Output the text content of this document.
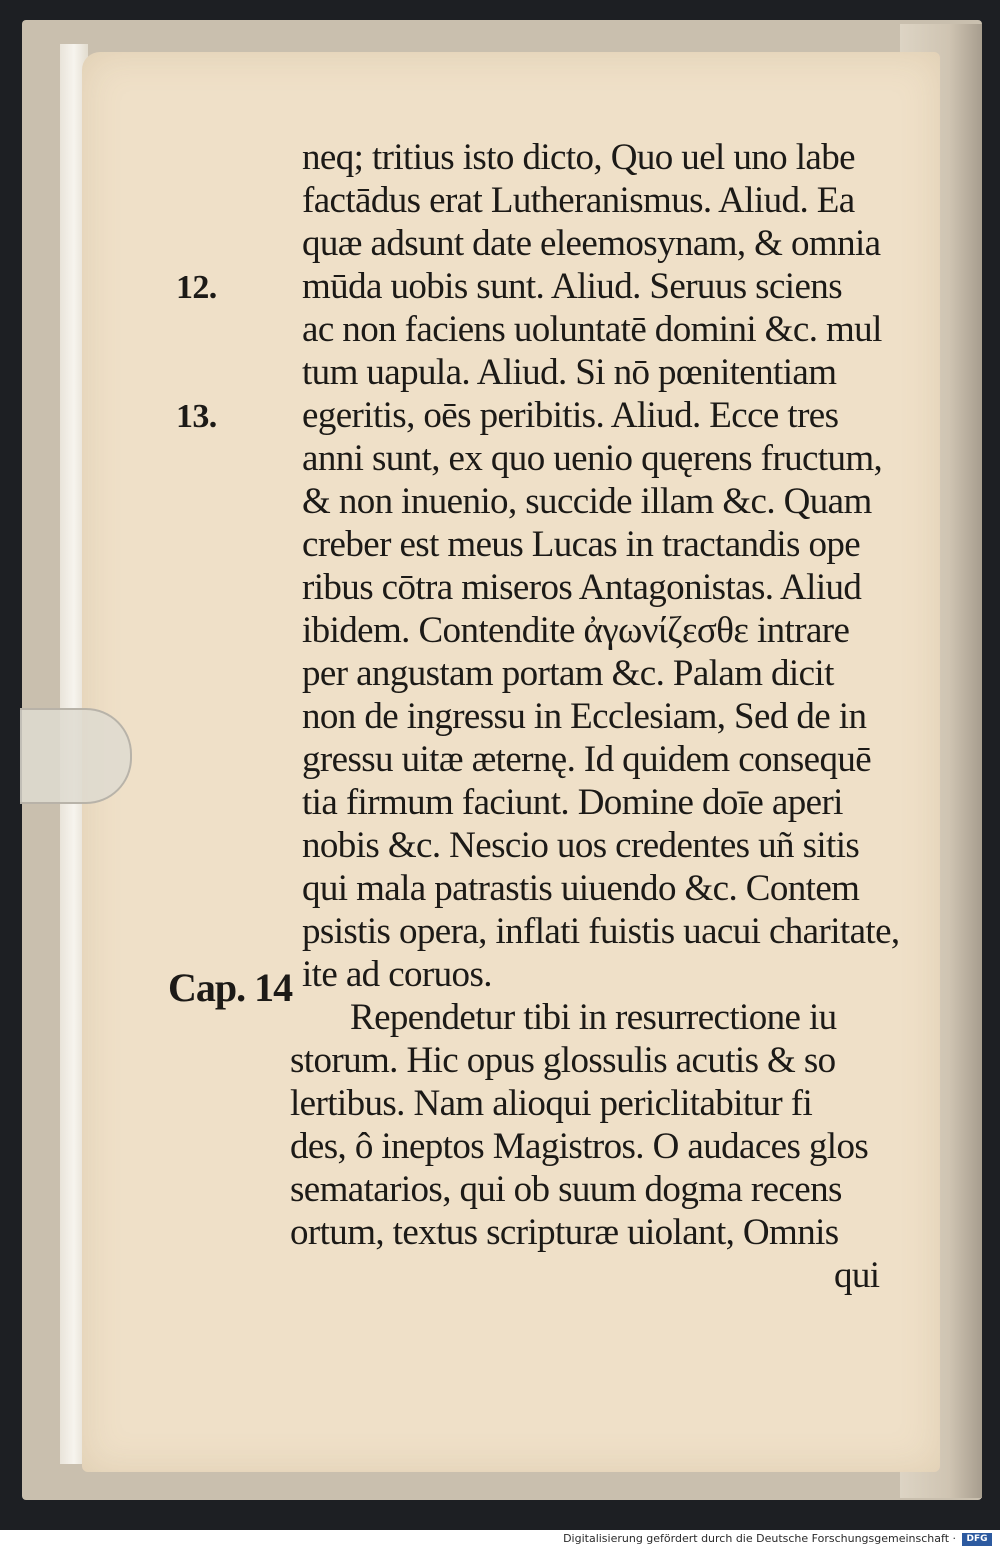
neq; tritius isto dicto, Quo uel uno labe
factādus erat Lutheranismus. Aliud. Ea
quæ adsunt date eleemosynam, & omnia
mūda uobis sunt. Aliud. Seruus sciens
ac non faciens uoluntatē domini &c. mul
tum uapula. Aliud. Si nō pœnitentiam
egeritis, oēs peribitis. Aliud. Ecce tres
anni sunt, ex quo uenio quęrens fructum,
& non inuenio, succide illam &c. Quam
creber est meus Lucas in tractandis ope
ribus cōtra miseros Antagonistas. Aliud
ibidem. Contendite ἀγωνίζεσθε intrare
per angustam portam &c. Palam dicit
non de ingressu in Ecclesiam, Sed de in
gressu uitæ æternę. Id quidem consequē
tia firmum faciunt. Domine doīe aperi
nobis &c. Nescio uos credentes uñ sitis
qui mala patrastis uiuendo &c. Contem
psistis opera, inflati fuistis uacui charitate,
ite ad coruos.
Rependetur tibi in resurrectione iu
storum. Hic opus glossulis acutis & so
lertibus. Nam alioqui periclitabitur fi
des, ô ineptos Magistros. O audaces glos
sematarios, qui ob suum dogma recens
ortum, textus scripturæ uiolant, Omnis
qui
12.
13.
Cap. 14
Digitalisierung gefördert durch die Deutsche Forschungsgemeinschaft ·	DFG
